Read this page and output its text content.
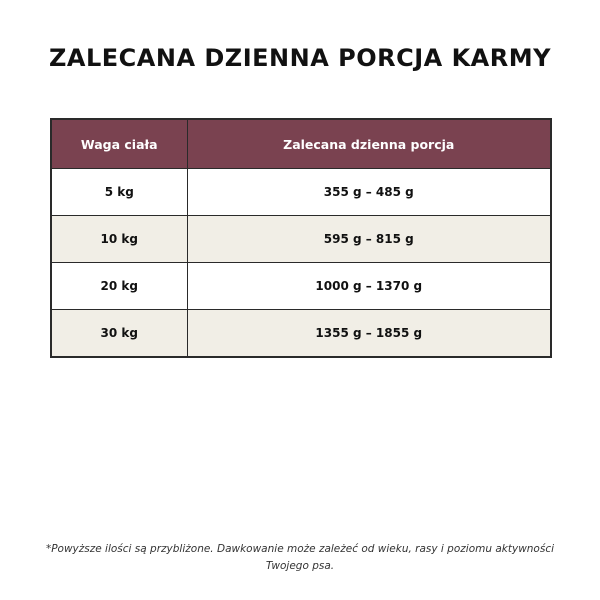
ZALECANA DZIENNA PORCJA KARMY
Waga ciała	Zalecana dzienna porcja
5 kg	355 g – 485 g
10 kg	595 g – 815 g
20 kg	1000 g – 1370 g
30 kg	1355 g – 1855 g
*Powyższe ilości są przybliżone. Dawkowanie może zależeć od wieku, rasy i poziomu aktywności Twojego psa.
